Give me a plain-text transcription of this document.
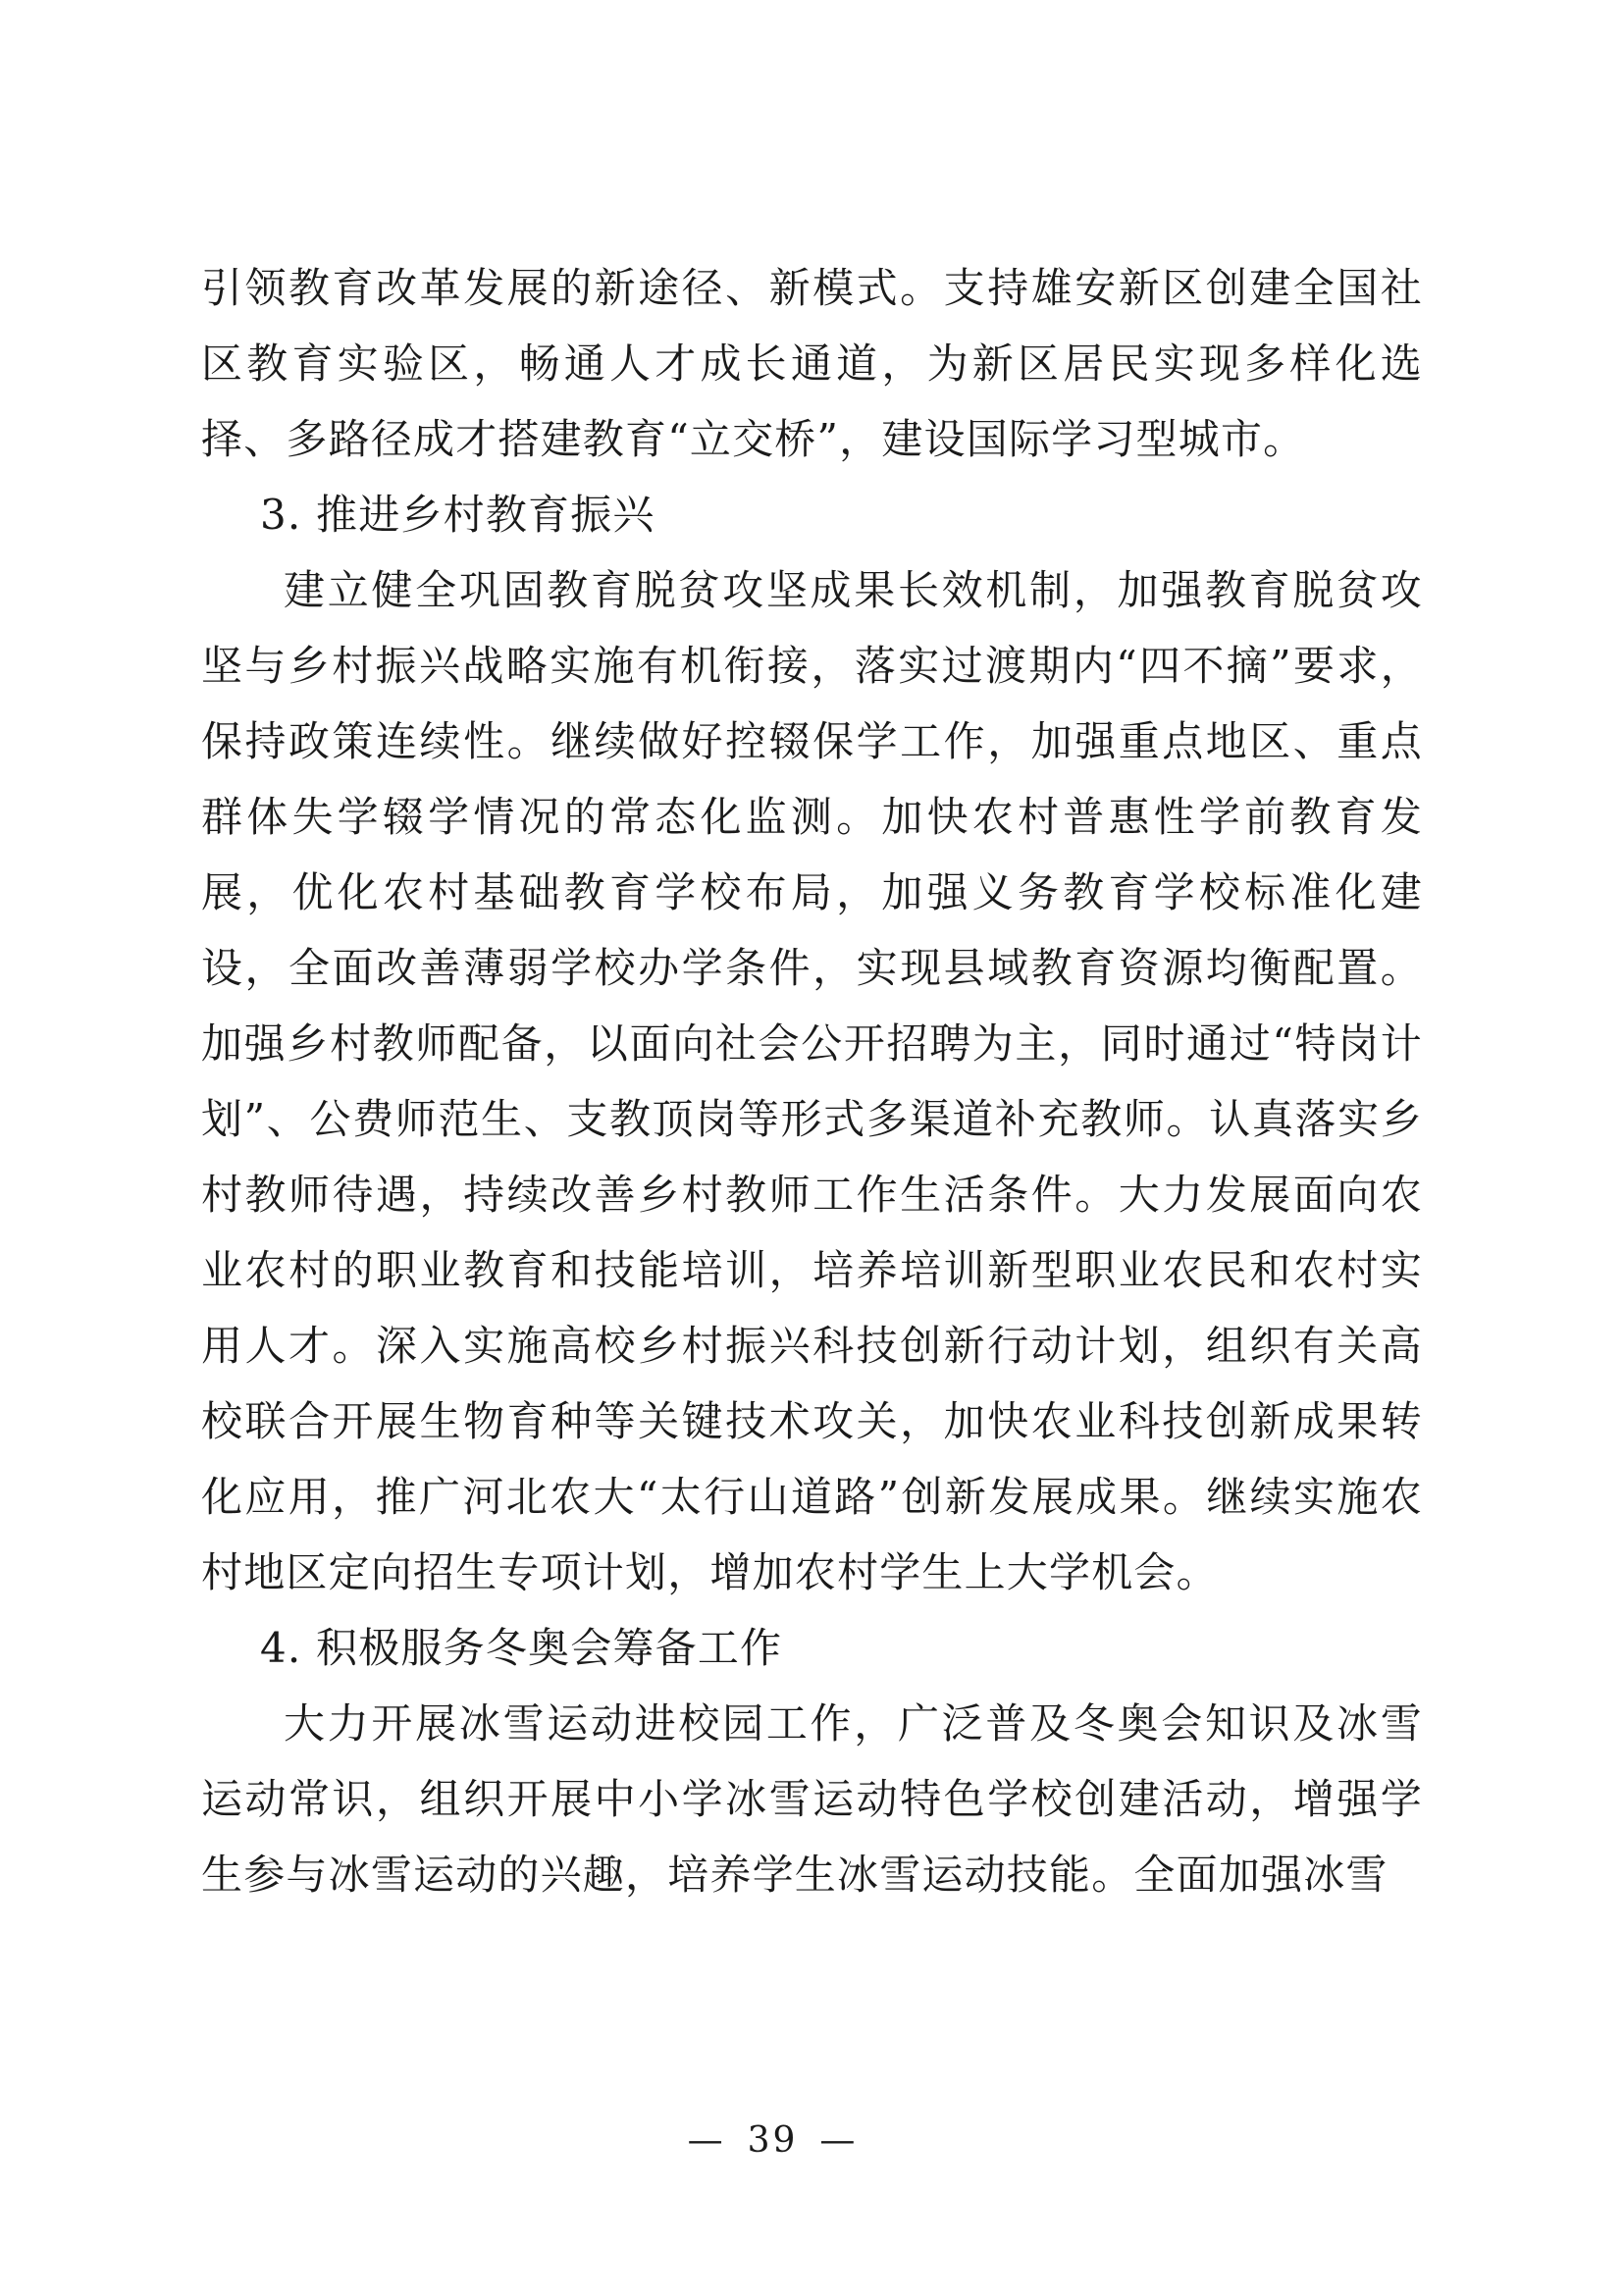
引领教育改革发展的新途径、新模式。支持雄安新区创建全国社区教育实验区，畅通人才成长通道，为新区居民实现多样化选择、多路径成才搭建教育“立交桥”，建设国际学习型城市。

3. 推进乡村教育振兴

建立健全巩固教育脱贫攻坚成果长效机制，加强教育脱贫攻坚与乡村振兴战略实施有机衔接，落实过渡期内“四不摘”要求，保持政策连续性。继续做好控辍保学工作，加强重点地区、重点群体失学辍学情况的常态化监测。加快农村普惠性学前教育发展，优化农村基础教育学校布局，加强义务教育学校标准化建设，全面改善薄弱学校办学条件，实现县域教育资源均衡配置。加强乡村教师配备，以面向社会公开招聘为主，同时通过“特岗计划”、公费师范生、支教顶岗等形式多渠道补充教师。认真落实乡村教师待遇，持续改善乡村教师工作生活条件。大力发展面向农业农村的职业教育和技能培训，培养培训新型职业农民和农村实用人才。深入实施高校乡村振兴科技创新行动计划，组织有关高校联合开展生物育种等关键技术攻关，加快农业科技创新成果转化应用，推广河北农大“太行山道路”创新发展成果。继续实施农村地区定向招生专项计划，增加农村学生上大学机会。

4. 积极服务冬奥会筹备工作

大力开展冰雪运动进校园工作，广泛普及冬奥会知识及冰雪运动常识，组织开展中小学冰雪运动特色学校创建活动，增强学生参与冰雪运动的兴趣，培养学生冰雪运动技能。全面加强冰雪

— 39 —
